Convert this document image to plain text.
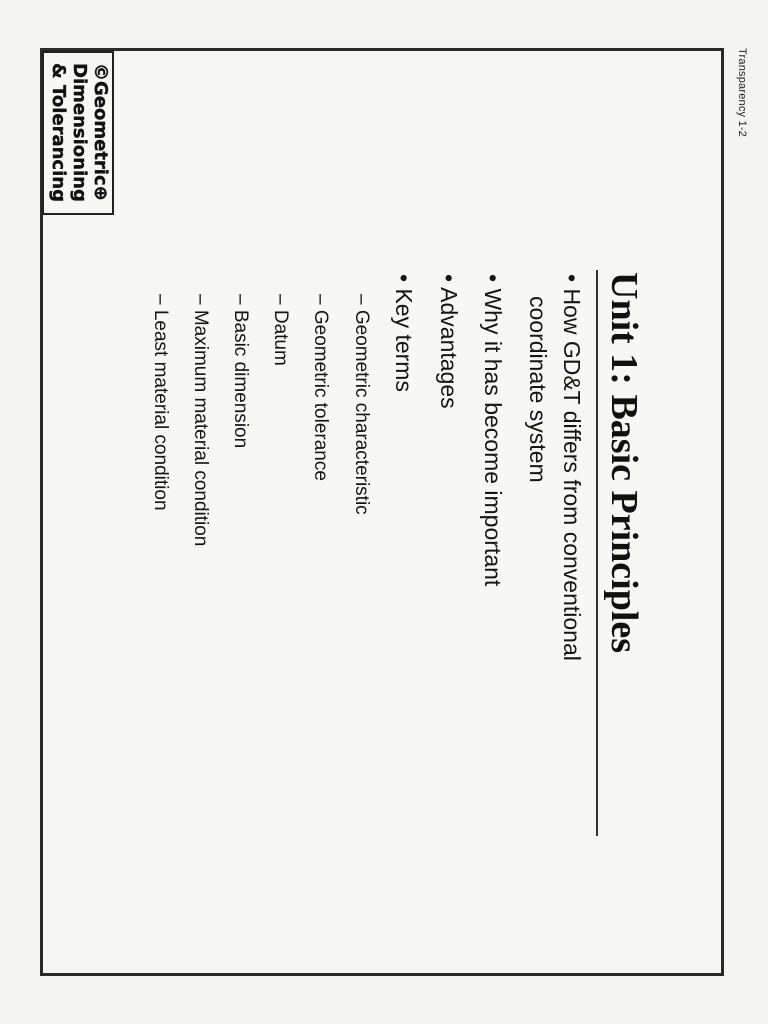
Transparency 1-2
©Geometric⊕
Dimensioning
& Tolerancing
Unit 1: Basic Principles
• How GD&T differs from conventional
coordinate system
• Why it has become important
• Advantages
• Key terms
– Geometric characteristic
– Geometric tolerance
– Datum
– Basic dimension
– Maximum material condition
– Least material condition
